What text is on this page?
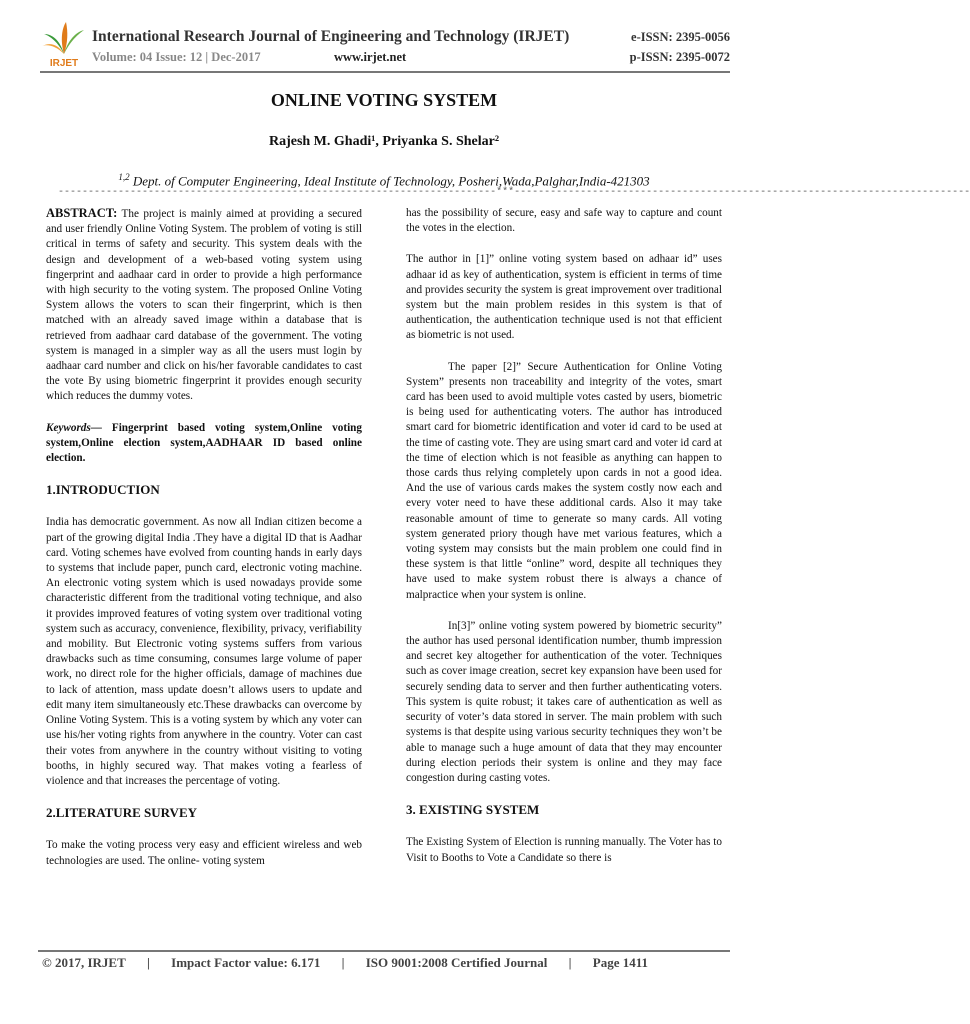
IRJET
International Research Journal of Engineering and Technology (IRJET)	e-ISSN: 2395-0056
Volume: 04 Issue: 12 | Dec-2017	www.irjet.net	p-ISSN: 2395-0072
ONLINE VOTING SYSTEM
Rajesh M. Ghadi¹, Priyanka S. Shelar²
$^{1,2}$ Dept. of Computer Engineering, Ideal Institute of Technology, Posheri,Wada,Palghar,India-421303
-------------------------------------------------------------------------***----------------------------------------------------------------------------

ABSTRACT: The project is mainly aimed at providing a secured and user friendly Online Voting System. The problem of voting is still critical in terms of safety and security. This system deals with the design and development of a web-based voting system using fingerprint and aadhaar card in order to provide a high performance with high security to the voting system. The proposed Online Voting System allows the voters to scan their fingerprint, which is then matched with an already saved image within a database that is retrieved from aadhaar card database of the government. The voting system is managed in a simpler way as all the users must login by aadhaar card number and click on his/her favorable candidates to cast the vote By using biometric fingerprint it provides enough security which reduces the dummy votes.

Keywords— Fingerprint based voting system,Online voting system,Online election system,AADHAAR ID based online election.

1.INTRODUCTION

India has democratic government. As now all Indian citizen become a part of the growing digital India .They have a digital ID that is Aadhar card. Voting schemes have evolved from counting hands in early days to systems that include paper, punch card, electronic voting machine. An electronic voting system which is used nowadays provide some characteristic different from the traditional voting technique, and also it provides improved features of voting system over traditional voting system such as accuracy, convenience, flexibility, privacy, verifiability and mobility. But Electronic voting systems suffers from various drawbacks such as time consuming, consumes large volume of paper work, no direct role for the higher officials, damage of machines due to lack of attention, mass update doesn’t allows users to update and edit many item simultaneously etc.These drawbacks can overcome by Online Voting System. This is a voting system by which any voter can use his/her voting rights from anywhere in the country. Voter can cast their votes from anywhere in the country without visiting to voting booths, in highly secured way. That makes voting a fearless of violence and that increases the percentage of voting.

2.LITERATURE SURVEY

To make the voting process very easy and efficient wireless and web technologies are used. The online- voting system

has the possibility of secure, easy and safe way to capture and count the votes in the election.

The author in [1]” online voting system based on adhaar id” uses adhaar id as key of authentication, system is efficient in terms of time and provides security the system is great improvement over traditional system but the main problem resides in this system is that of authentication, the authentication technique used is not that efficient as biometric is not used.

The paper [2]” Secure Authentication for Online Voting System” presents non traceability and integrity of the votes, smart card has been used to avoid multiple votes casted by users, biometric is being used for authenticating voters. The author has introduced smart card for biometric identification and voter id card to be used at the time of casting vote. They are using smart card and voter id card at the time of election which is not feasible as anything can happen to those cards thus relying completely upon cards in not a good idea. And the use of various cards makes the system costly now each and every voter need to have these additional cards. Also it may take reasonable amount of time to generate so many cards. All voting system generated priory though have met various features, which a voting system may consists but the main problem one could find in these system is that little “online” word, despite all techniques they have used to make system robust there is always a chance of malpractice when your system is online.

In[3]” online voting system powered by biometric security” the author has used personal identification number, thumb impression and secret key altogether for authentication of the voter. Techniques such as cover image creation, secret key expansion have been used for securely sending data to server and then further authenticating voters. This system is quite robust; it takes care of authentication as well as security of voter’s data stored in server. The main problem with such systems is that despite using various security techniques they won’t be able to manage such a huge amount of data that they may encounter during election periods their system is online and they may face congestion during casting votes.

3. EXISTING SYSTEM

The Existing System of Election is running manually. The Voter has to Visit to Booths to Vote a Candidate so there is

© 2017, IRJET | Impact Factor value: 6.171 | ISO 9001:2008 Certified Journal | Page 1411
